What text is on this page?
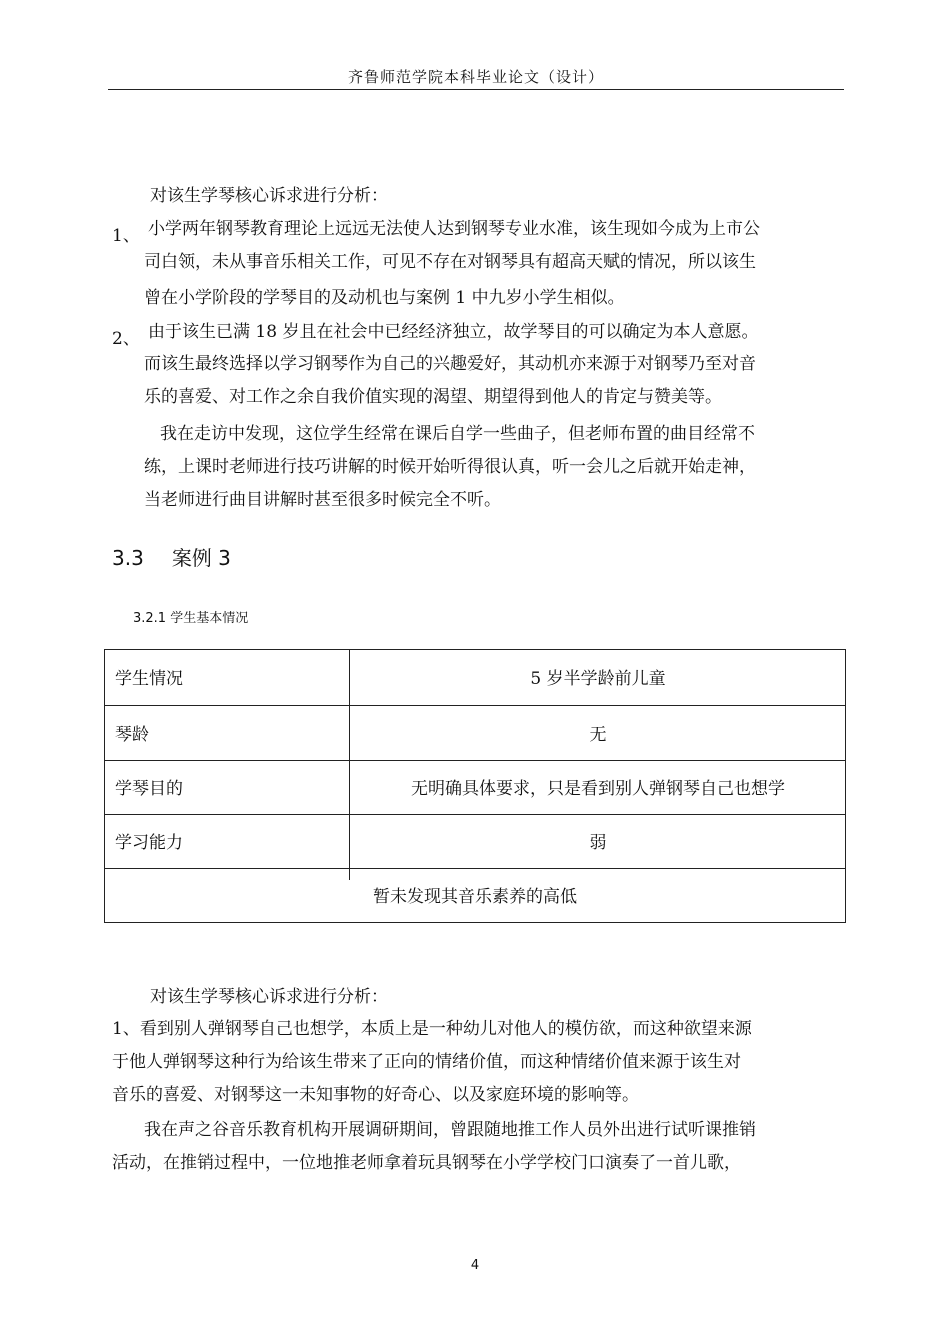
齐鲁师范学院本科毕业论文（设计）
对该生学琴核心诉求进行分析：
1、 小学两年钢琴教育理论上远远无法使人达到钢琴专业水准，该生现如今成为上市公
司白领，未从事音乐相关工作，可见不存在对钢琴具有超高天赋的情况，所以该生
曾在小学阶段的学琴目的及动机也与案例 1 中九岁小学生相似。
2、 由于该生已满 18 岁且在社会中已经经济独立，故学琴目的可以确定为本人意愿。
而该生最终选择以学习钢琴作为自己的兴趣爱好，其动机亦来源于对钢琴乃至对音
乐的喜爱、对工作之余自我价值实现的渴望、期望得到他人的肯定与赞美等。
我在走访中发现，这位学生经常在课后自学一些曲子，但老师布置的曲目经常不
练，上课时老师进行技巧讲解的时候开始听得很认真，听一会儿之后就开始走神，
当老师进行曲目讲解时甚至很多时候完全不听。
3.3 案例 3
3.2.1 学生基本情况
学生情况	5 岁半学龄前儿童
琴龄	无
学琴目的	无明确具体要求，只是看到别人弹钢琴自己也想学
学习能力	弱
暂未发现其音乐素养的高低
对该生学琴核心诉求进行分析：
1、看到别人弹钢琴自己也想学，本质上是一种幼儿对他人的模仿欲，而这种欲望来源
于他人弹钢琴这种行为给该生带来了正向的情绪价值，而这种情绪价值来源于该生对
音乐的喜爱、对钢琴这一未知事物的好奇心、以及家庭环境的影响等。
我在声之谷音乐教育机构开展调研期间，曾跟随地推工作人员外出进行试听课推销
活动，在推销过程中，一位地推老师拿着玩具钢琴在小学学校门口演奏了一首儿歌，
4
